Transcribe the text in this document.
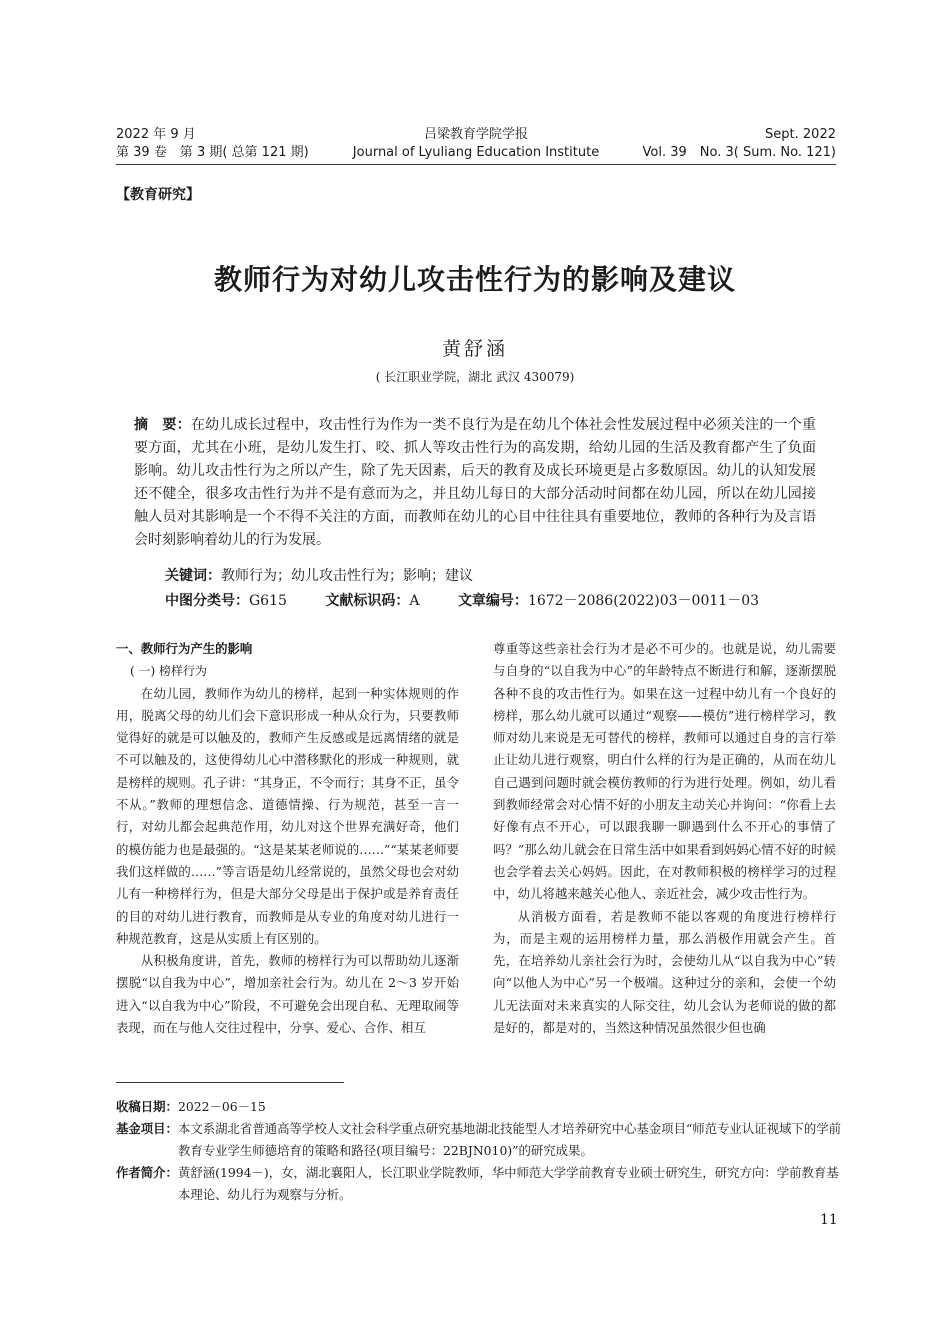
2022 年 9 月	吕梁教育学院学报	Sept. 2022
第 39 卷　第 3 期( 总第 121 期)	Journal of Lyuliang Education Institute	Vol. 39　No. 3( Sum. No. 121)
【教育研究】
教师行为对幼儿攻击性行为的影响及建议
黄舒涵
( 长江职业学院，湖北 武汉 430079)
摘　要：在幼儿成长过程中，攻击性行为作为一类不良行为是在幼儿个体社会性发展过程中必须关注的一个重要方面，尤其在小班，是幼儿发生打、咬、抓人等攻击性行为的高发期，给幼儿园的生活及教育都产生了负面影响。幼儿攻击性行为之所以产生，除了先天因素，后天的教育及成长环境更是占多数原因。幼儿的认知发展还不健全，很多攻击性行为并不是有意而为之，并且幼儿每日的大部分活动时间都在幼儿园，所以在幼儿园接触人员对其影响是一个不得不关注的方面，而教师在幼儿的心目中往往具有重要地位，教师的各种行为及言语会时刻影响着幼儿的行为发展。
关键词：教师行为；幼儿攻击性行为；影响；建议
中图分类号：G615	文献标识码：A	文章编号：1672－2086(2022)03－0011－03
一、教师行为产生的影响
( 一) 榜样行为

在幼儿园，教师作为幼儿的榜样，起到一种实体规则的作用，脱离父母的幼儿们会下意识形成一种从众行为，只要教师觉得好的就是可以触及的，教师产生反感或是远离情绪的就是不可以触及的，这使得幼儿心中潜移默化的形成一种规则，就是榜样的规则。孔子讲：“其身正，不令而行；其身不正，虽令不从。”教师的理想信念、道德情操、行为规范，甚至一言一行，对幼儿都会起典范作用，幼儿对这个世界充满好奇，他们的模仿能力也是最强的。“这是某某老师说的……”“某某老师要我们这样做的……”等言语是幼儿经常说的，虽然父母也会对幼儿有一种榜样行为，但是大部分父母是出于保护或是养育责任的目的对幼儿进行教育，而教师是从专业的角度对幼儿进行一种规范教育，这是从实质上有区别的。

从积极角度讲，首先，教师的榜样行为可以帮助幼儿逐渐摆脱“以自我为中心”，增加亲社会行为。幼儿在 2～3 岁开始进入“以自我为中心”阶段，不可避免会出现自私、无理取闹等表现，而在与他人交往过程中，分享、爱心、合作、相互

尊重等这些亲社会行为才是必不可少的。也就是说，幼儿需要与自身的“以自我为中心”的年龄特点不断进行和解，逐渐摆脱各种不良的攻击性行为。如果在这一过程中幼儿有一个良好的榜样，那么幼儿就可以通过“观察——模仿”进行榜样学习，教师对幼儿来说是无可替代的榜样，教师可以通过自身的言行举止让幼儿进行观察，明白什么样的行为是正确的，从而在幼儿自己遇到问题时就会模仿教师的行为进行处理。例如，幼儿看到教师经常会对心情不好的小朋友主动关心并询问：“你看上去好像有点不开心，可以跟我聊一聊遇到什么不开心的事情了吗？”那么幼儿就会在日常生活中如果看到妈妈心情不好的时候也会学着去关心妈妈。因此，在对教师积极的榜样学习的过程中，幼儿将越来越关心他人、亲近社会，减少攻击性行为。

从消极方面看，若是教师不能以客观的角度进行榜样行为，而是主观的运用榜样力量，那么消极作用就会产生。首先，在培养幼儿亲社会行为时，会使幼儿从“以自我为中心”转向“以他人为中心”另一个极端。这种过分的亲和，会使一个幼儿无法面对未来真实的人际交往，幼儿会认为老师说的做的都是好的，都是对的，当然这种情况虽然很少但也确

收稿日期： 2022－06－15
基金项目： 本文系湖北省普通高等学校人文社会科学重点研究基地湖北技能型人才培养研究中心基金项目“师范专业认证视域下的学前教育专业学生师德培育的策略和路径(项目编号：22BJN010)”的研究成果。
作者简介： 黄舒涵(1994－)，女，湖北襄阳人，长江职业学院教师，华中师范大学学前教育专业硕士研究生，研究方向：学前教育基本理论、幼儿行为观察与分析。
11
